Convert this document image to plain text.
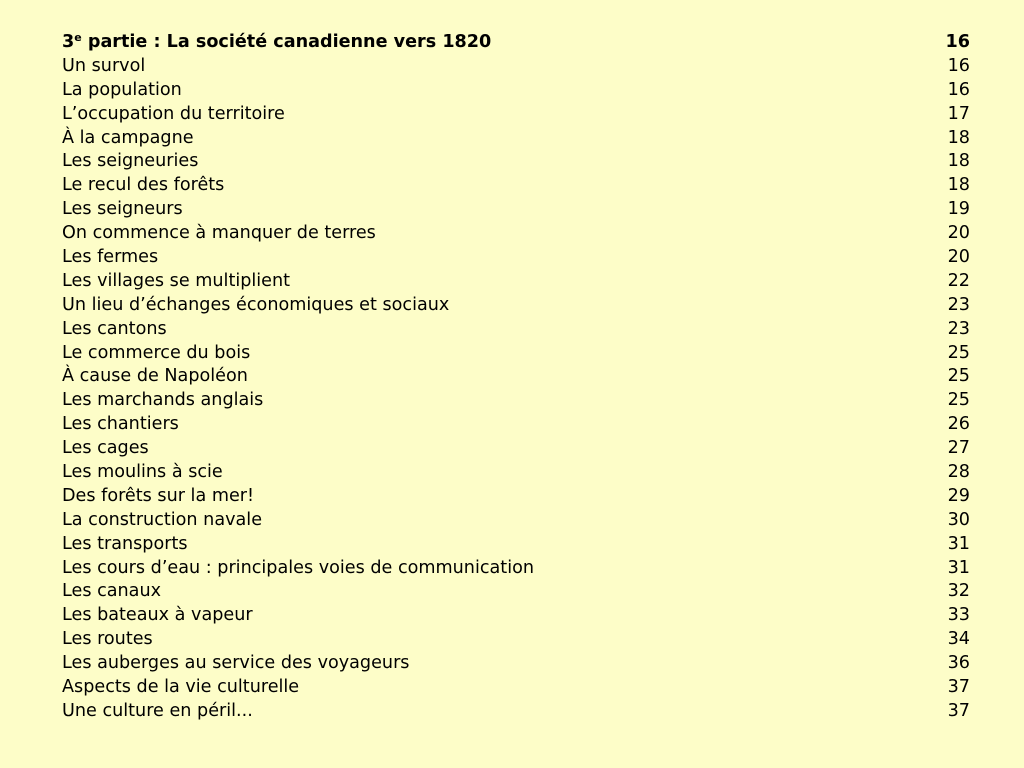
3e partie : La société canadienne vers 1820	16
Un survol	16
La population	16
L’occupation du territoire	17
À la campagne	18
Les seigneuries	18
Le recul des forêts	18
Les seigneurs	19
On commence à manquer de terres	20
Les fermes	20
Les villages se multiplient	22
Un lieu d’échanges économiques et sociaux	23
Les cantons	23
Le commerce du bois	25
À cause de Napoléon	25
Les marchands anglais	25
Les chantiers	26
Les cages	27
Les moulins à scie	28
Des forêts sur la mer!	29
La construction navale	30
Les transports	31
Les cours d’eau : principales voies de communication	31
Les canaux	32
Les bateaux à vapeur	33
Les routes	34
Les auberges au service des voyageurs	36
Aspects de la vie culturelle	37
Une culture en péril...	37
